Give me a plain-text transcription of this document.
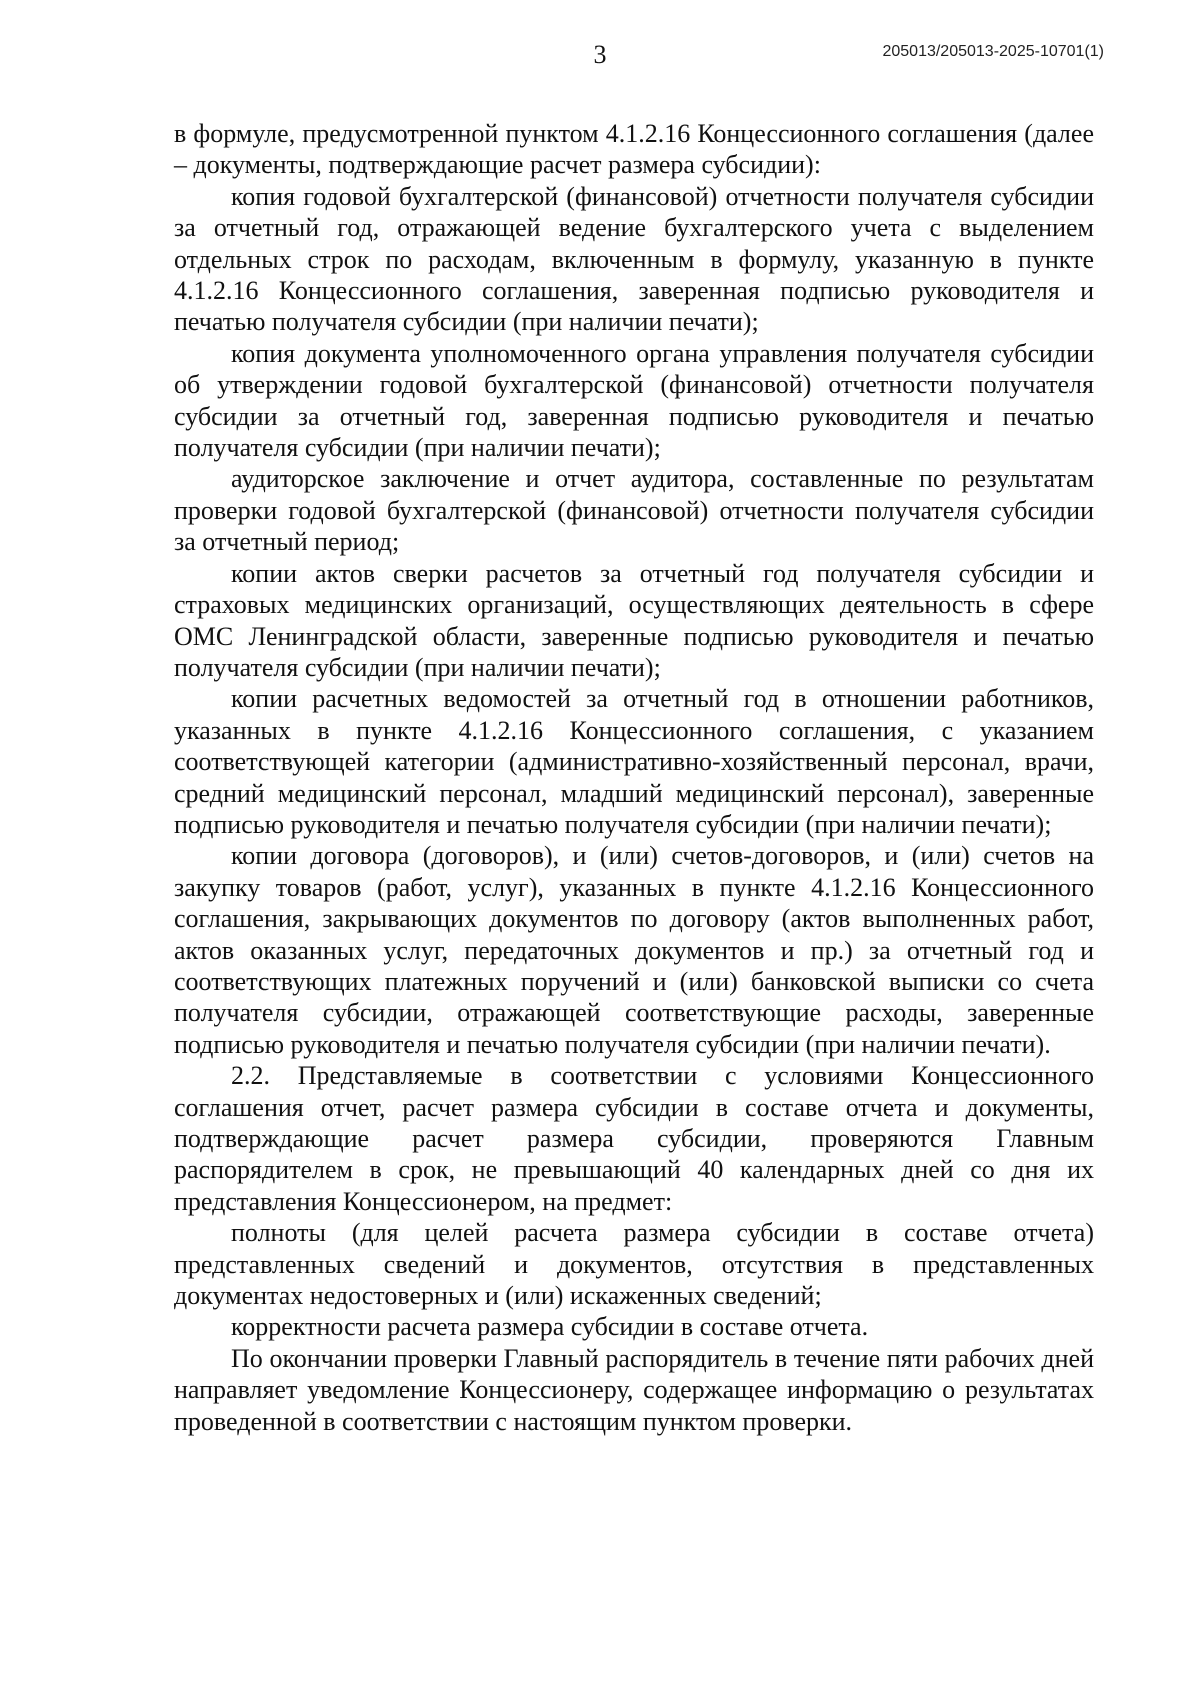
3	205013/205013-2025-10701(1)

в формуле, предусмотренной пунктом 4.1.2.16 Концессионного соглашения (далее – документы, подтверждающие расчет размера субсидии):

копия годовой бухгалтерской (финансовой) отчетности получателя субсидии за отчетный год, отражающей ведение бухгалтерского учета с выделением отдельных строк по расходам, включенным в формулу, указанную в пункте 4.1.2.16 Концессионного соглашения, заверенная подписью руководителя и печатью получателя субсидии (при наличии печати);

копия документа уполномоченного органа управления получателя субсидии об утверждении годовой бухгалтерской (финансовой) отчетности получателя субсидии за отчетный год, заверенная подписью руководителя и печатью получателя субсидии (при наличии печати);

аудиторское заключение и отчет аудитора, составленные по результатам проверки годовой бухгалтерской (финансовой) отчетности получателя субсидии за отчетный период;

копии актов сверки расчетов за отчетный год получателя субсидии и страховых медицинских организаций, осуществляющих деятельность в сфере ОМС Ленинградской области, заверенные подписью руководителя и печатью получателя субсидии (при наличии печати);

копии расчетных ведомостей за отчетный год в отношении работников, указанных в пункте 4.1.2.16 Концессионного соглашения, с указанием соответствующей категории (административно-хозяйственный персонал, врачи, средний медицинский персонал, младший медицинский персонал), заверенные подписью руководителя и печатью получателя субсидии (при наличии печати);

копии договора (договоров), и (или) счетов-договоров, и (или) счетов на закупку товаров (работ, услуг), указанных в пункте 4.1.2.16 Концессионного соглашения, закрывающих документов по договору (актов выполненных работ, актов оказанных услуг, передаточных документов и пр.) за отчетный год и соответствующих платежных поручений и (или) банковской выписки со счета получателя субсидии, отражающей соответствующие расходы, заверенные подписью руководителя и печатью получателя субсидии (при наличии печати).

2.2. Представляемые в соответствии с условиями Концессионного соглашения отчет, расчет размера субсидии в составе отчета и документы, подтверждающие расчет размера субсидии, проверяются Главным распорядителем в срок, не превышающий 40 календарных дней со дня их представления Концессионером, на предмет:

полноты (для целей расчета размера субсидии в составе отчета) представленных сведений и документов, отсутствия в представленных документах недостоверных и (или) искаженных сведений;

корректности расчета размера субсидии в составе отчета.

По окончании проверки Главный распорядитель в течение пяти рабочих дней направляет уведомление Концессионеру, содержащее информацию о результатах проведенной в соответствии с настоящим пунктом проверки.
